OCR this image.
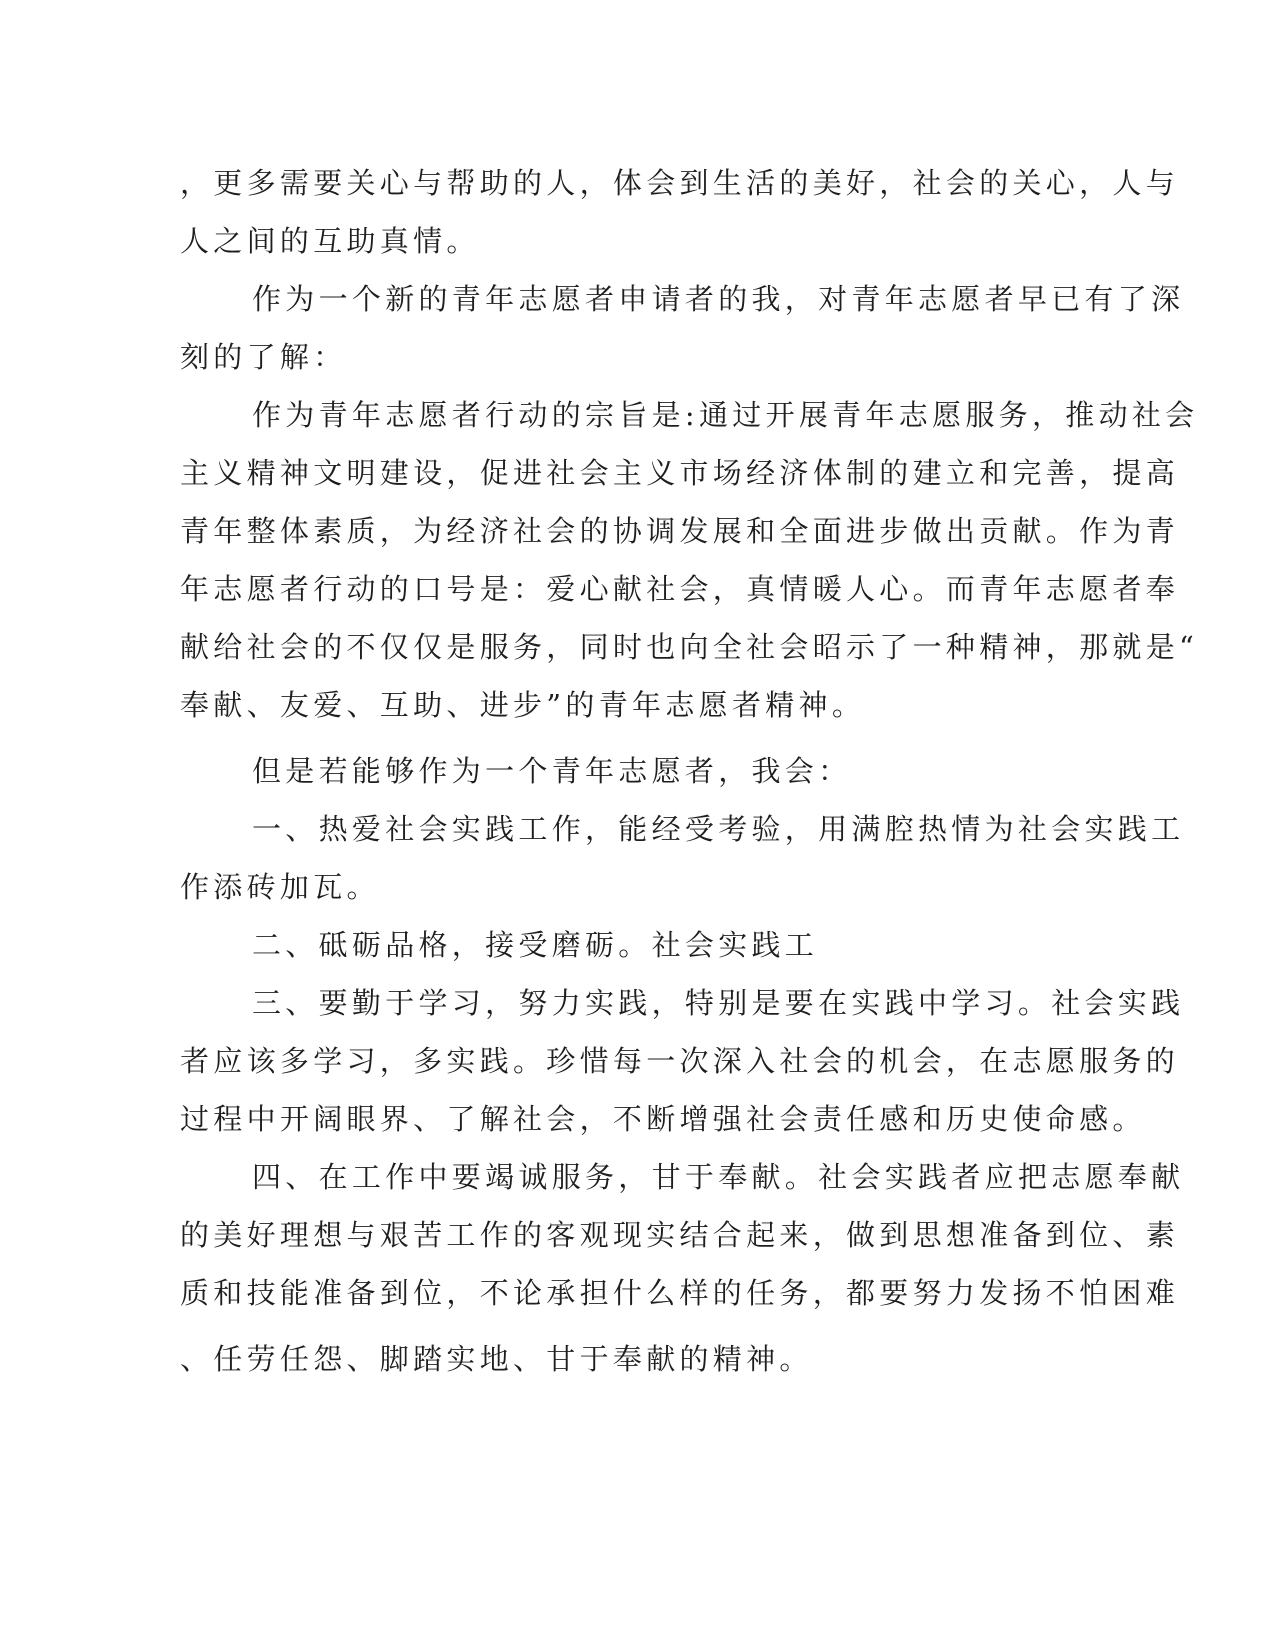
，更多需要关心与帮助的人，体会到生活的美好，社会的关心，人与

人之间的互助真情。

作为一个新的青年志愿者申请者的我，对青年志愿者早已有了深

刻的了解：

作为青年志愿者行动的宗旨是:通过开展青年志愿服务，推动社会

主义精神文明建设，促进社会主义市场经济体制的建立和完善，提高

青年整体素质，为经济社会的协调发展和全面进步做出贡献。作为青

年志愿者行动的口号是：爱心献社会，真情暖人心。而青年志愿者奉

献给社会的不仅仅是服务，同时也向全社会昭示了一种精神，那就是“

奉献、友爱、互助、进步”的青年志愿者精神。

但是若能够作为一个青年志愿者，我会：

一、热爱社会实践工作，能经受考验，用满腔热情为社会实践工

作添砖加瓦。

二、砥砺品格，接受磨砺。社会实践工

三、要勤于学习，努力实践，特别是要在实践中学习。社会实践

者应该多学习，多实践。珍惜每一次深入社会的机会，在志愿服务的

过程中开阔眼界、了解社会，不断增强社会责任感和历史使命感。

四、在工作中要竭诚服务，甘于奉献。社会实践者应把志愿奉献

的美好理想与艰苦工作的客观现实结合起来，做到思想准备到位、素

质和技能准备到位，不论承担什么样的任务，都要努力发扬不怕困难

、任劳任怨、脚踏实地、甘于奉献的精神。
